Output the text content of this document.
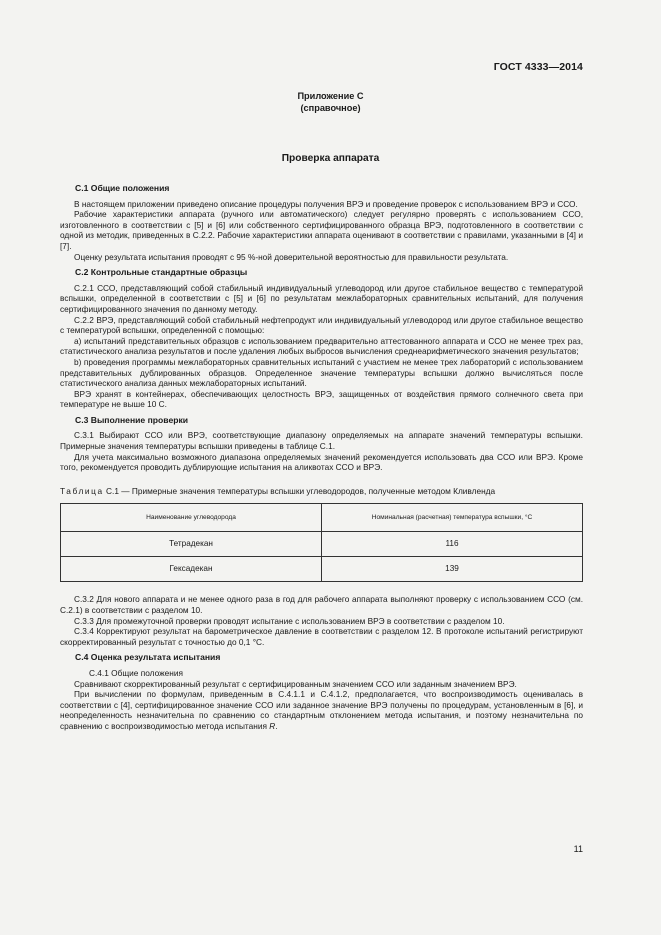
ГОСТ 4333—2014
Приложение С
(справочное)
Проверка аппарата
С.1 Общие положения

В настоящем приложении приведено описание процедуры получения ВРЭ и проведение проверок с использованием ВРЭ и ССО.

Рабочие характеристики аппарата (ручного или автоматического) следует регулярно проверять с использованием ССО, изготовленного в соответствии с [5] и [6] или собственного сертифицированного образца ВРЭ, подготовленного в соответствии с одной из методик, приведенных в С.2.2. Рабочие характеристики аппарата оценивают в соответствии с правилами, указанными в [4] и [7].

Оценку результата испытания проводят с 95 %-ной доверительной вероятностью для правильности результата.

С.2 Контрольные стандартные образцы

С.2.1 ССО, представляющий собой стабильный индивидуальный углеводород или другое стабильное вещество с температурой вспышки, определенной в соответствии с [5] и [6] по результатам межлабораторных сравнительных испытаний, для получения сертифицированного значения по данному методу.

С.2.2 ВРЭ, представляющий собой стабильный нефтепродукт или индивидуальный углеводород или другое стабильное вещество с температурой вспышки, определенной с помощью:

a) испытаний представительных образцов с использованием предварительно аттестованного аппарата и ССО не менее трех раз, статистического анализа результатов и после удаления любых выбросов вычисления среднеарифметического значения результатов;

b) проведения программы межлабораторных сравнительных испытаний с участием не менее трех лабораторий с использованием представительных дублированных образцов. Определенное значение температуры вспышки должно вычисляться после статистического анализа данных межлабораторных испытаний.

ВРЭ хранят в контейнерах, обеспечивающих целостность ВРЭ, защищенных от воздействия прямого солнечного света при температуре не выше 10 С.

С.3 Выполнение проверки

С.3.1 Выбирают ССО или ВРЭ, соответствующие диапазону определяемых на аппарате значений температуры вспышки. Примерные значения температуры вспышки приведены в таблице С.1.

Для учета максимально возможного диапазона определяемых значений рекомендуется использовать два ССО или ВРЭ. Кроме того, рекомендуется проводить дублирующие испытания на аликвотах ССО и ВРЭ.

Таблица С.1 — Примерные значения температуры вспышки углеводородов, полученные методом Кливленда
Наименование углеводорода	Номинальная (расчетная) температура вспышки, °С
Тетрадекан	116
Гексадекан	139

С.3.2 Для нового аппарата и не менее одного раза в год для рабочего аппарата выполняют проверку с использованием ССО (см. С.2.1) в соответствии с разделом 10.

С.3.3 Для промежуточной проверки проводят испытание с использованием ВРЭ в соответствии с разделом 10.

С.3.4 Корректируют результат на барометрическое давление в соответствии с разделом 12. В протоколе испытаний регистрируют скорректированный результат с точностью до 0,1 °С.

С.4 Оценка результата испытания

С.4.1 Общие положения

Сравнивают скорректированный результат с сертифицированным значением ССО или заданным значением ВРЭ.

При вычислении по формулам, приведенным в С.4.1.1 и С.4.1.2, предполагается, что воспроизводимость оценивалась в соответствии с [4], сертифицированное значение ССО или заданное значение ВРЭ получены по процедурам, установленным в [6], и неопределенность незначительна по сравнению со стандартным отклонением метода испытания, и поэтому незначительна по сравнению с воспроизводимостью метода испытания R.

11
